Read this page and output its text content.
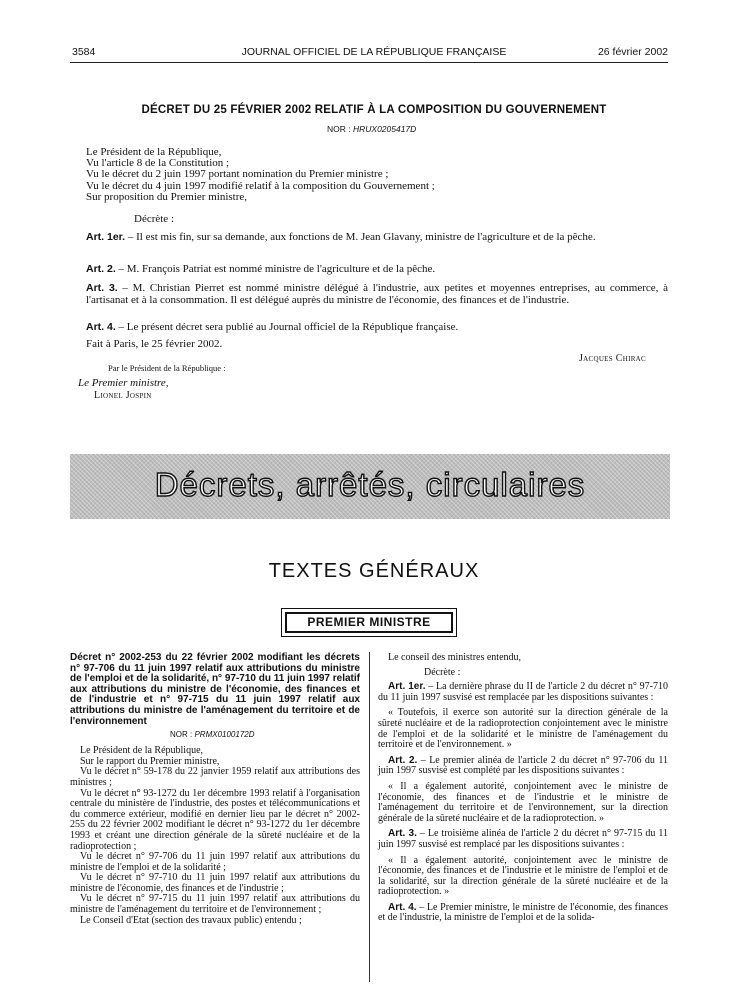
3584	JOURNAL OFFICIEL DE LA RÉPUBLIQUE FRANÇAISE	26 février 2002
DÉCRET DU 25 FÉVRIER 2002 RELATIF À LA COMPOSITION DU GOUVERNEMENT
NOR : HRUX0205417D
Le Président de la République,
Vu l'article 8 de la Constitution ;
Vu le décret du 2 juin 1997 portant nomination du Premier ministre ;
Vu le décret du 4 juin 1997 modifié relatif à la composition du Gouvernement ;
Sur proposition du Premier ministre,
Décrète :
Art. 1er. – Il est mis fin, sur sa demande, aux fonctions de M. Jean Glavany, ministre de l'agriculture et de la pêche.
Art. 2. – M. François Patriat est nommé ministre de l'agriculture et de la pêche.
Art. 3. – M. Christian Pierret est nommé ministre délégué à l'industrie, aux petites et moyennes entreprises, au commerce, à l'artisanat et à la consommation. Il est délégué auprès du ministre de l'économie, des finances et de l'industrie.
Art. 4. – Le présent décret sera publié au Journal officiel de la République française.
Fait à Paris, le 25 février 2002.
Jacques Chirac
Par le Président de la République :
Le Premier ministre,
Lionel Jospin
Décrets, arrêtés, circulaires
TEXTES GÉNÉRAUX
PREMIER MINISTRE
Décret n° 2002-253 du 22 février 2002 modifiant les décrets n° 97-706 du 11 juin 1997 relatif aux attributions du ministre de l'emploi et de la solidarité, n° 97-710 du 11 juin 1997 relatif aux attributions du ministre de l'économie, des finances et de l'industrie et n° 97-715 du 11 juin 1997 relatif aux attributions du ministre de l'aménagement du territoire et de l'environnement
NOR : PRMX0100172D
Le Président de la République,
Sur le rapport du Premier ministre,
Vu le décret n° 59-178 du 22 janvier 1959 relatif aux attributions des ministres ;
Vu le décret n° 93-1272 du 1er décembre 1993 relatif à l'organisation centrale du ministère de l'industrie, des postes et télécommunications et du commerce extérieur, modifié en dernier lieu par le décret n° 2002-255 du 22 février 2002 modifiant le décret n° 93-1272 du 1er décembre 1993 et créant une direction générale de la sûreté nucléaire et de la radioprotection ;
Vu le décret n° 97-706 du 11 juin 1997 relatif aux attributions du ministre de l'emploi et de la solidarité ;
Vu le décret n° 97-710 du 11 juin 1997 relatif aux attributions du ministre de l'économie, des finances et de l'industrie ;
Vu le décret n° 97-715 du 11 juin 1997 relatif aux attributions du ministre de l'aménagement du territoire et de l'environnement ;
Le Conseil d'Etat (section des travaux public) entendu ;
Le conseil des ministres entendu,
Décrète :
Art. 1er. – La dernière phrase du II de l'article 2 du décret n° 97-710 du 11 juin 1997 susvisé est remplacée par les dispositions suivantes :
« Toutefois, il exerce son autorité sur la direction générale de la sûreté nucléaire et de la radioprotection conjointement avec le ministre de l'emploi et de la solidarité et le ministre de l'aménagement du territoire et de l'environnement. »
Art. 2. – Le premier alinéa de l'article 2 du décret n° 97-706 du 11 juin 1997 susvisé est complété par les dispositions suivantes :
« Il a également autorité, conjointement avec le ministre de l'économie, des finances et de l'industrie et le ministre de l'aménagement du territoire et de l'environnement, sur la direction générale de la sûreté nucléaire et de la radioprotection. »
Art. 3. – Le troisième alinéa de l'article 2 du décret n° 97-715 du 11 juin 1997 susvisé est remplacé par les dispositions suivantes :
« Il a également autorité, conjointement avec le ministre de l'économie, des finances et de l'industrie et le ministre de l'emploi et de la solidarité, sur la direction générale de la sûreté nucléaire et de la radioprotection. »
Art. 4. – Le Premier ministre, le ministre de l'économie, des finances et de l'industrie, la ministre de l'emploi et de la solida-
